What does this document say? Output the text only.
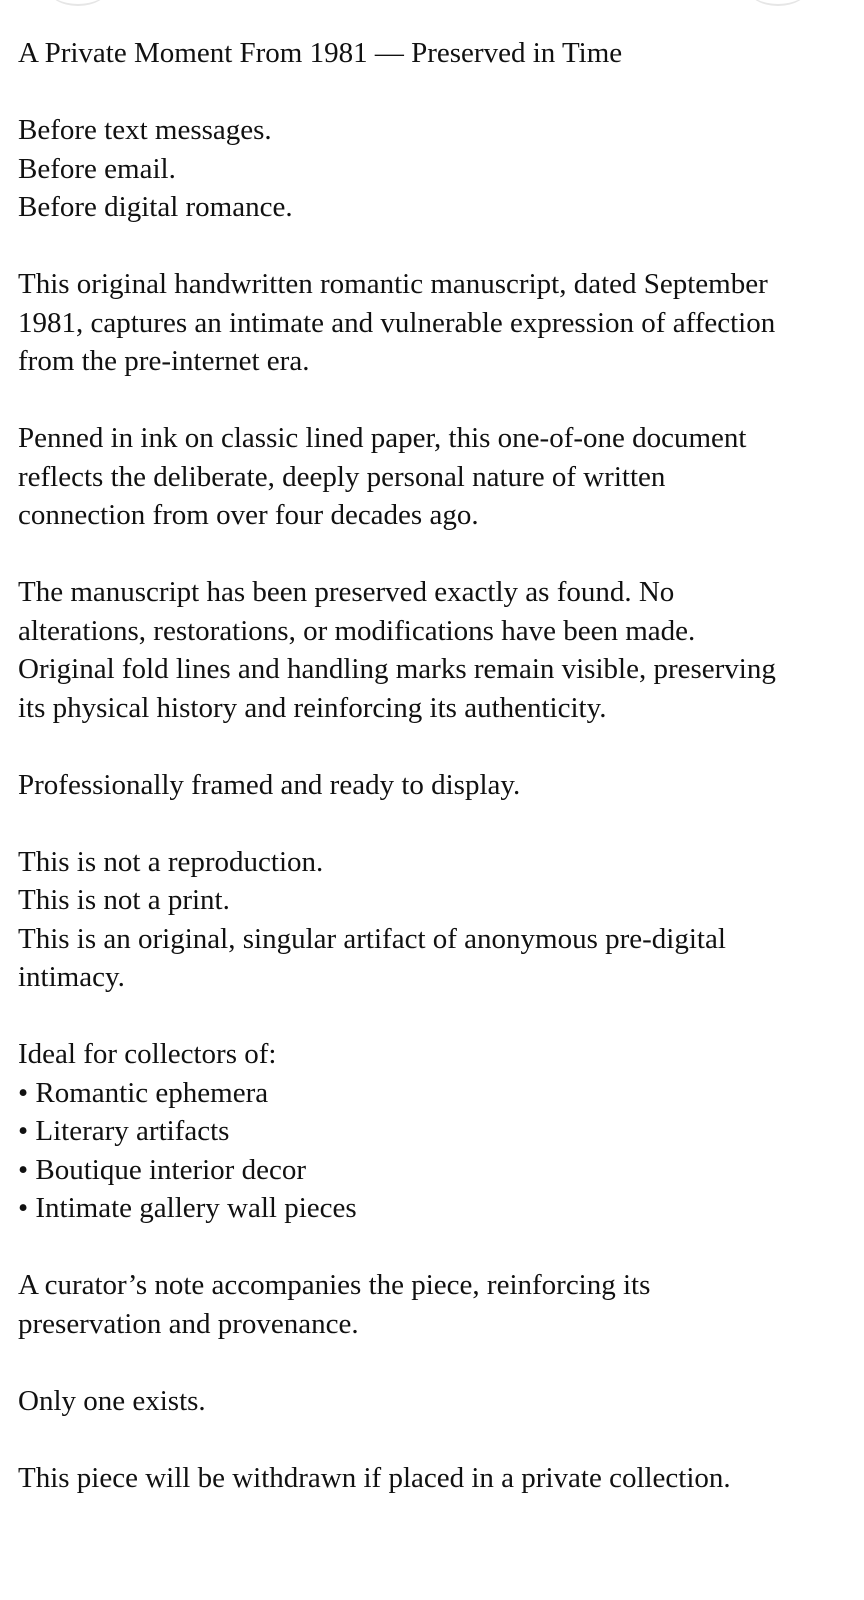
A Private Moment From 1981 — Preserved in Time
Before text messages.
Before email.
Before digital romance.
This original handwritten romantic manuscript, dated September
1981, captures an intimate and vulnerable expression of affection
from the pre-internet era.
Penned in ink on classic lined paper, this one-of-one document
reflects the deliberate, deeply personal nature of written
connection from over four decades ago.
The manuscript has been preserved exactly as found. No
alterations, restorations, or modifications have been made.
Original fold lines and handling marks remain visible, preserving
its physical history and reinforcing its authenticity.
Professionally framed and ready to display.
This is not a reproduction.
This is not a print.
This is an original, singular artifact of anonymous pre-digital
intimacy.
Ideal for collectors of:
• Romantic ephemera
• Literary artifacts
• Boutique interior decor
• Intimate gallery wall pieces
A curator’s note accompanies the piece, reinforcing its
preservation and provenance.
Only one exists.
This piece will be withdrawn if placed in a private collection.
